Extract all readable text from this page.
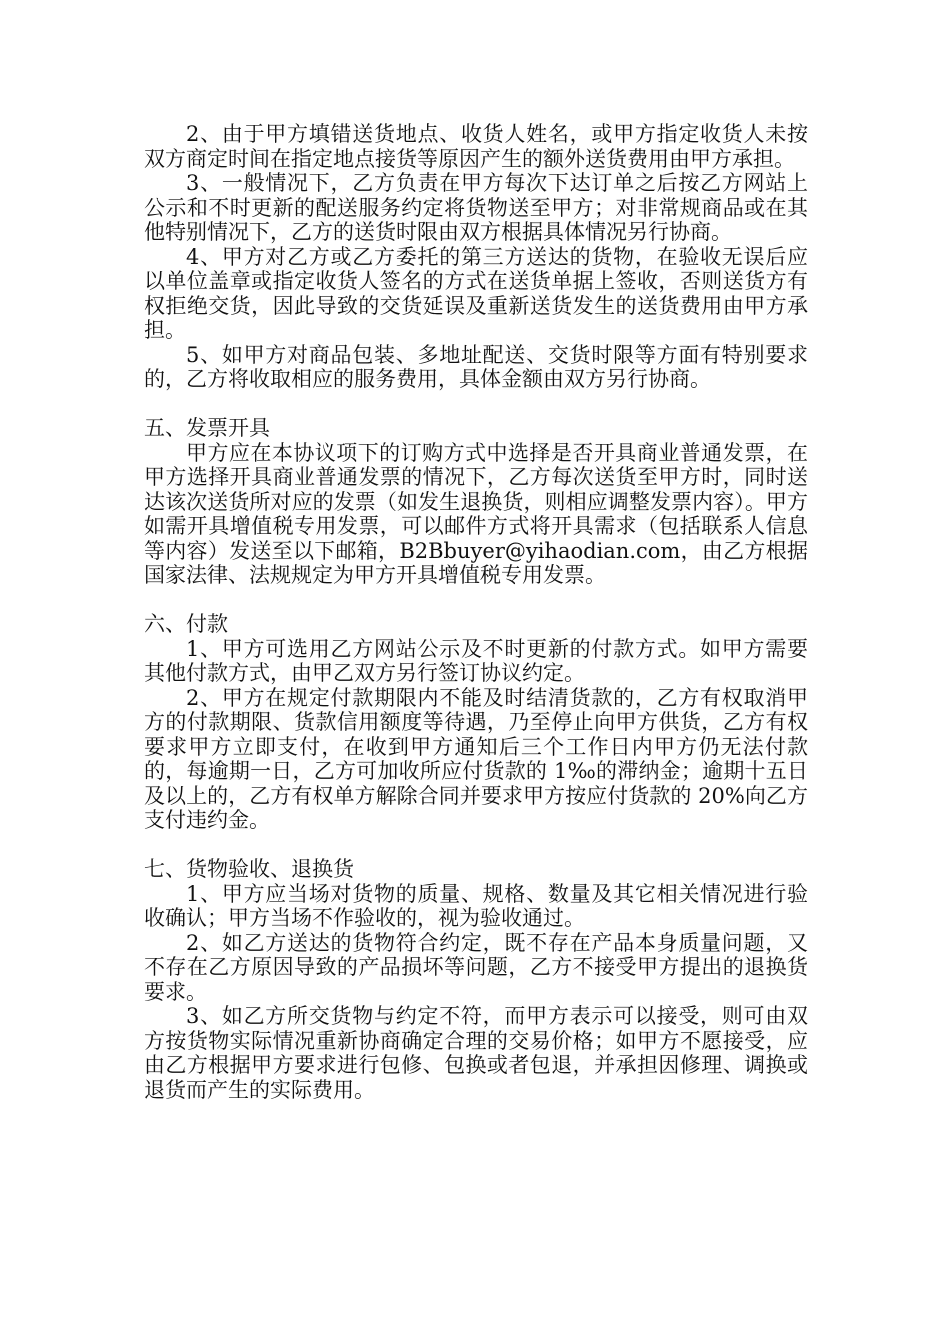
2、由于甲方填错送货地点、收货人姓名，或甲方指定收货人未按双方商定时间在指定地点接货等原因产生的额外送货费用由甲方承担。

3、一般情况下，乙方负责在甲方每次下达订单之后按乙方网站上公示和不时更新的配送服务约定将货物送至甲方；对非常规商品或在其他特别情况下，乙方的送货时限由双方根据具体情况另行协商。

4、甲方对乙方或乙方委托的第三方送达的货物，在验收无误后应以单位盖章或指定收货人签名的方式在送货单据上签收，否则送货方有权拒绝交货，因此导致的交货延误及重新送货发生的送货费用由甲方承担。

5、如甲方对商品包装、多地址配送、交货时限等方面有特别要求的，乙方将收取相应的服务费用，具体金额由双方另行协商。

五、发票开具

甲方应在本协议项下的订购方式中选择是否开具商业普通发票，在甲方选择开具商业普通发票的情况下，乙方每次送货至甲方时，同时送达该次送货所对应的发票（如发生退换货，则相应调整发票内容）。甲方如需开具增值税专用发票，可以邮件方式将开具需求（包括联系人信息等内容）发送至以下邮箱，B2Bbuyer@yihaodian.com，由乙方根据国家法律、法规规定为甲方开具增值税专用发票。

六、付款

1、甲方可选用乙方网站公示及不时更新的付款方式。如甲方需要其他付款方式，由甲乙双方另行签订协议约定。

2、甲方在规定付款期限内不能及时结清货款的，乙方有权取消甲方的付款期限、货款信用额度等待遇，乃至停止向甲方供货，乙方有权要求甲方立即支付，在收到甲方通知后三个工作日内甲方仍无法付款的，每逾期一日，乙方可加收所应付货款的 1‰的滞纳金；逾期十五日及以上的，乙方有权单方解除合同并要求甲方按应付货款的 20%向乙方支付违约金。

七、货物验收、退换货

1、甲方应当场对货物的质量、规格、数量及其它相关情况进行验收确认；甲方当场不作验收的，视为验收通过。

2、如乙方送达的货物符合约定，既不存在产品本身质量问题，又不存在乙方原因导致的产品损坏等问题，乙方不接受甲方提出的退换货要求。

3、如乙方所交货物与约定不符，而甲方表示可以接受，则可由双方按货物实际情况重新协商确定合理的交易价格；如甲方不愿接受，应由乙方根据甲方要求进行包修、包换或者包退，并承担因修理、调换或退货而产生的实际费用。
